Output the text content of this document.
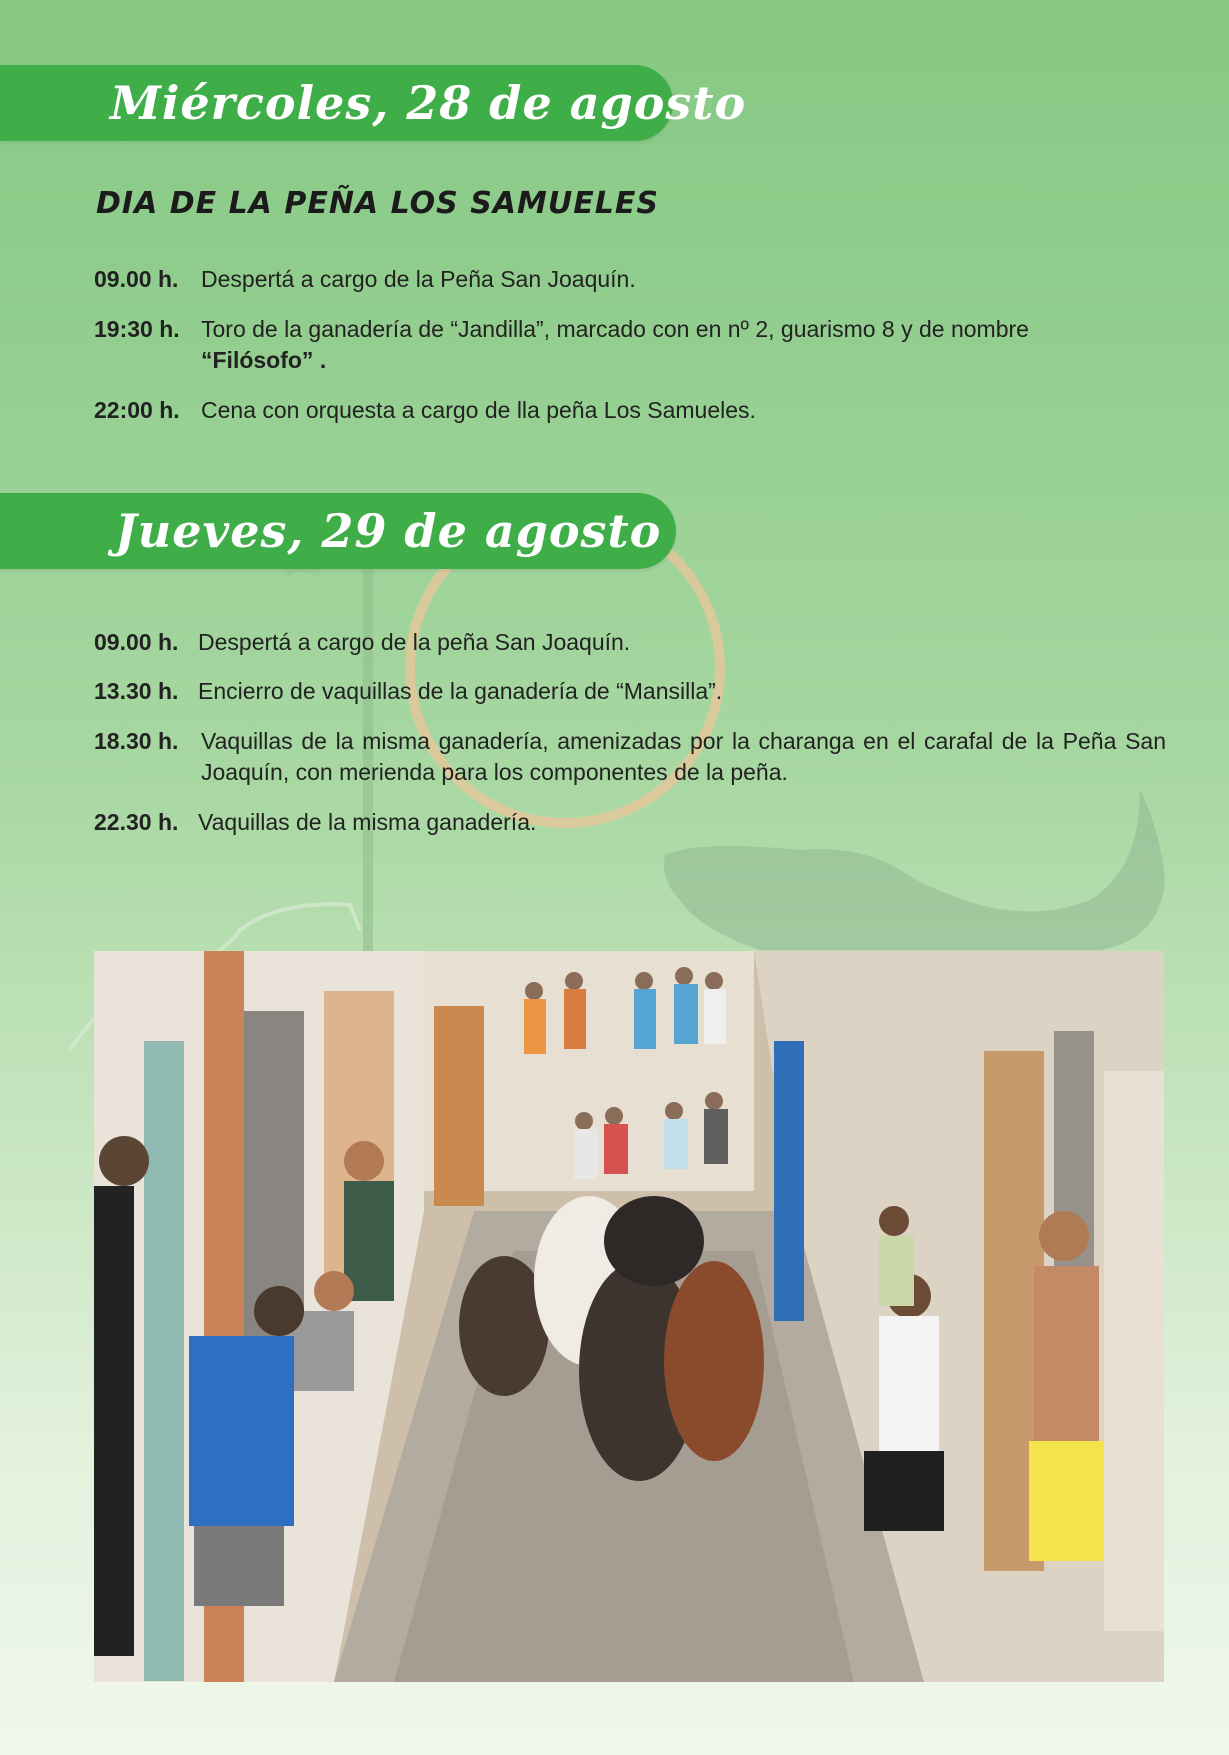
Miércoles, 28 de agosto
DIA DE LA PEÑA LOS SAMUELES
09.00 h. Despertá a cargo de la Peña San Joaquín.
19:30 h. Toro de la ganadería de “Jandilla”, marcado con en nº 2, guarismo 8 y de nombre
“Filósofo” .
22:00 h. Cena con orquesta a cargo de lla peña Los Samueles.
Jueves, 29 de agosto
09.00 h. Despertá a cargo de la peña San Joaquín.
13.30 h. Encierro de vaquillas de la ganadería de “Mansilla”.
18.30 h. Vaquillas de la misma ganadería, amenizadas por la charanga en el carafal de la Peña San Joaquín, con merienda para los componentes de la peña.
22.30 h. Vaquillas de la misma ganadería.
